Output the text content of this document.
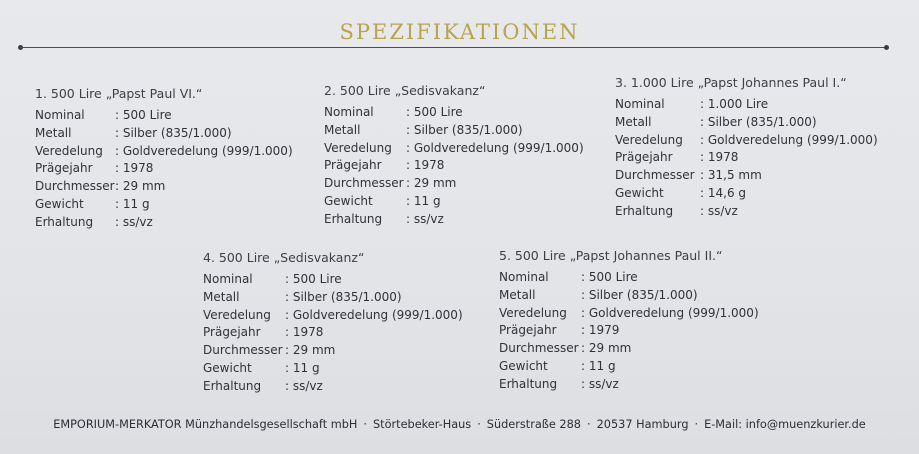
SPEZIFIKATIONEN
1. 500 Lire „Papst Paul VI.“
Nominal	: 500 Lire
Metall	: Silber (835/1.000)
Veredelung	: Goldveredelung (999/1.000)
Prägejahr	: 1978
Durchmesser : 29 mm
Gewicht	: 11 g
Erhaltung	: ss/vz
2. 500 Lire „Sedisvakanz“
Nominal	: 500 Lire
Metall	: Silber (835/1.000)
Veredelung	: Goldveredelung (999/1.000)
Prägejahr	: 1978
Durchmesser : 29 mm
Gewicht	: 11 g
Erhaltung	: ss/vz
3. 1.000 Lire „Papst Johannes Paul I.“
Nominal	: 1.000 Lire
Metall	: Silber (835/1.000)
Veredelung	: Goldveredelung (999/1.000)
Prägejahr	: 1978
Durchmesser : 31,5 mm
Gewicht	: 14,6 g
Erhaltung	: ss/vz
4. 500 Lire „Sedisvakanz“
Nominal	: 500 Lire
Metall	: Silber (835/1.000)
Veredelung	: Goldveredelung (999/1.000)
Prägejahr	: 1978
Durchmesser : 29 mm
Gewicht	: 11 g
Erhaltung	: ss/vz
5. 500 Lire „Papst Johannes Paul II.“
Nominal	: 500 Lire
Metall	: Silber (835/1.000)
Veredelung	: Goldveredelung (999/1.000)
Prägejahr	: 1979
Durchmesser : 29 mm
Gewicht	: 11 g
Erhaltung	: ss/vz
EMPORIUM-MERKATOR Münzhandelsgesellschaft mbH · Störtebeker-Haus · Süderstraße 288 · 20537 Hamburg · E-Mail: info@muenzkurier.de
